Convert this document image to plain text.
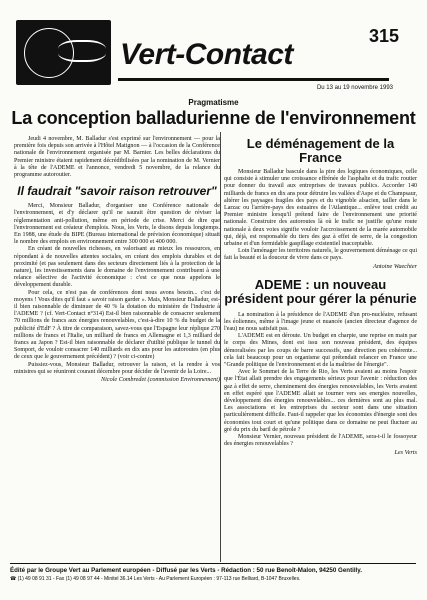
Vert-Contact
315
Du 13 au 19 novembre 1993
Pragmatisme
La conception balladurienne de l'environnement

Jeudi 4 novembre, M. Balladur s'est exprimé sur l'environnement — pour la première fois depuis son arrivée à l'Hôtel Matignon — à l'occasion de la Conférence nationale de l'environnement organisée par M. Barnier. Les belles déclarations du Premier ministre étaient rapidement décrédibilisées par la nomination de M. Vernier à la tête de l'ADEME et l'annonce, vendredi 5 novembre, de la relance du programme autoroutier.

Il faudrait "savoir raison retrouver"

Merci, Monsieur Balladur, d'organiser une Conférence nationale de l'environnement, et d'y déclarer qu'il ne saurait être question de réviser la réglementation anti-pollution, même en période de crise. Merci de dire que l'environnement est créateur d'emplois. Nous, les Verts, le disons depuis longtemps. En 1988, une étude du BIPE (Bureau international de prévision économique) situait le nombre des emplois en environnement entre 300 000 et 400 000.

En créant de nouvelles richesses, en valorisant au mieux les ressources, en répondant à de nouvelles attentes sociales, en créant des emplois durables et de proximité (et pas seulement dans des secteurs directement liés à la protection de la nature), les investissements dans le domaine de l'environnement contribuent à une relance sélective de l'activité économique : c'est ce que nous appelons le développement durable.

Pour cela, ce n'est pas de conférences dont nous avons besoin... c'est de moyens ! Vous dites qu'il faut « savoir raison garder ». Mais, Monsieur Balladur, est-il bien raisonnable de diminuer de 40 % la dotation du ministère de l'industrie à l'ADEME ? (cf. Vert-Contact n°314) Est-il bien raisonnable de consacrer seulement 70 millions de francs aux énergies renouvelables, c'est-à-dire 10 % du budget de la publicité d'EdF ? À titre de comparaison, savez-vous que l'Espagne leur réplique 270 millions de francs et l'Italie, un milliard de francs en Allemagne et 1,3 milliard de francs au Japon ? Est-il bien raisonnable de déclarer d'utilité publique le tunnel du Somport, de vouloir consacrer 140 milliards en dix ans pour les autoroutes (en plus de ceux que le gouvernement précédent) ? (voir ci-contre)

Puissiez-vous, Monsieur Balladur, retrouver la raison, et la rendre à vos ministres qui se réuniront courant décembre pour décider de l'avenir de la Loire...

Nicole Combredet (commission Environnement)

Le déménagement de la France

Monsieur Balladur bascule dans la pire des logiques économiques, celle qui consiste à stimuler une croissance effrénée de l'asphalte et du trafic routier pour donner du travail aux entreprises de travaux publics. Accorder 140 milliards de francs en dix ans pour détruire les vallées d'Aspe et du Champsaur, altérer les paysages fragiles des pays et du vignoble alsacien, tailler dans le Larzac ou l'arrière-pays des estuaires de l'Atlantique... enlève tout crédit au Premier ministre lorsqu'il prétend faire de l'environnement une priorité nationale. Construire des autoroutes là où le trafic ne justifie qu'une route nationale à deux voies signifie vouloir l'accroissement de la marée automobile qui, déjà, est responsable du tiers des gaz à effet de serre, de la congestion urbaine et d'un formidable gaspillage existentiel inacceptable.

Loin l'aménager les territoires naturels, le gouvernement déménage ce qui fait la beauté et la douceur de vivre dans ce pays.

Antoine Waechter

ADEME : un nouveau président pour gérer la pénurie

La nomination à la présidence de l'ADEME d'un pro-nucléaire, refusant les éoliennes, même à l'image jeune et nuancée (ancien directeur d'agence de l'eau) ne nous satisfait pas.

L'ADEME est en déroute. Un budget en charpie, une reprise en main par le corps des Mines, dont est issu son nouveau président, des équipes démoralisées par les coups de barre successifs, une direction peu cohérente... cela fait beaucoup pour un organisme qui prétendait relancer en France une "Grande politique de l'environnement et de la maîtrise de l'énergie".

Avec le Sommet de la Terre de Rio, les Verts avaient au moins l'espoir que l'État allait prendre des engagements sérieux pour l'avenir : réduction des gaz à effet de serre, cheminement des énergies renouvelables, les Verts avaient en effet espéré que l'ADEME allait se tourner vers ses energies nouvelles, développement des énergies renouvelables... ces dernières sont au plus mal. Les associations et les entreprises du secteur sont dans une situation particulièrement difficile. Faut-il rappeler que les économies d'énergie sont des économies tout court et qu'une politique dans ce domaine ne peut fluctuer au gré du prix du baril de pétrole ?

Monsieur Vernier, nouveau président de l'ADEME, sera-t-il le fossoyeur des énergies renouvelables ?

Les Verts

Édité par le Groupe Vert au Parlement européen - Diffusé par les Verts - Rédaction : 50 rue Benoît-Malon, 94250 Gentilly.
☎ (1) 49 08 91 31 - Fax (1) 49 08 97 44 - Minitel 36.14 Les Verts - Au Parlement Européen : 97-113 rue Belliard, B-1047 Bruxelles.
